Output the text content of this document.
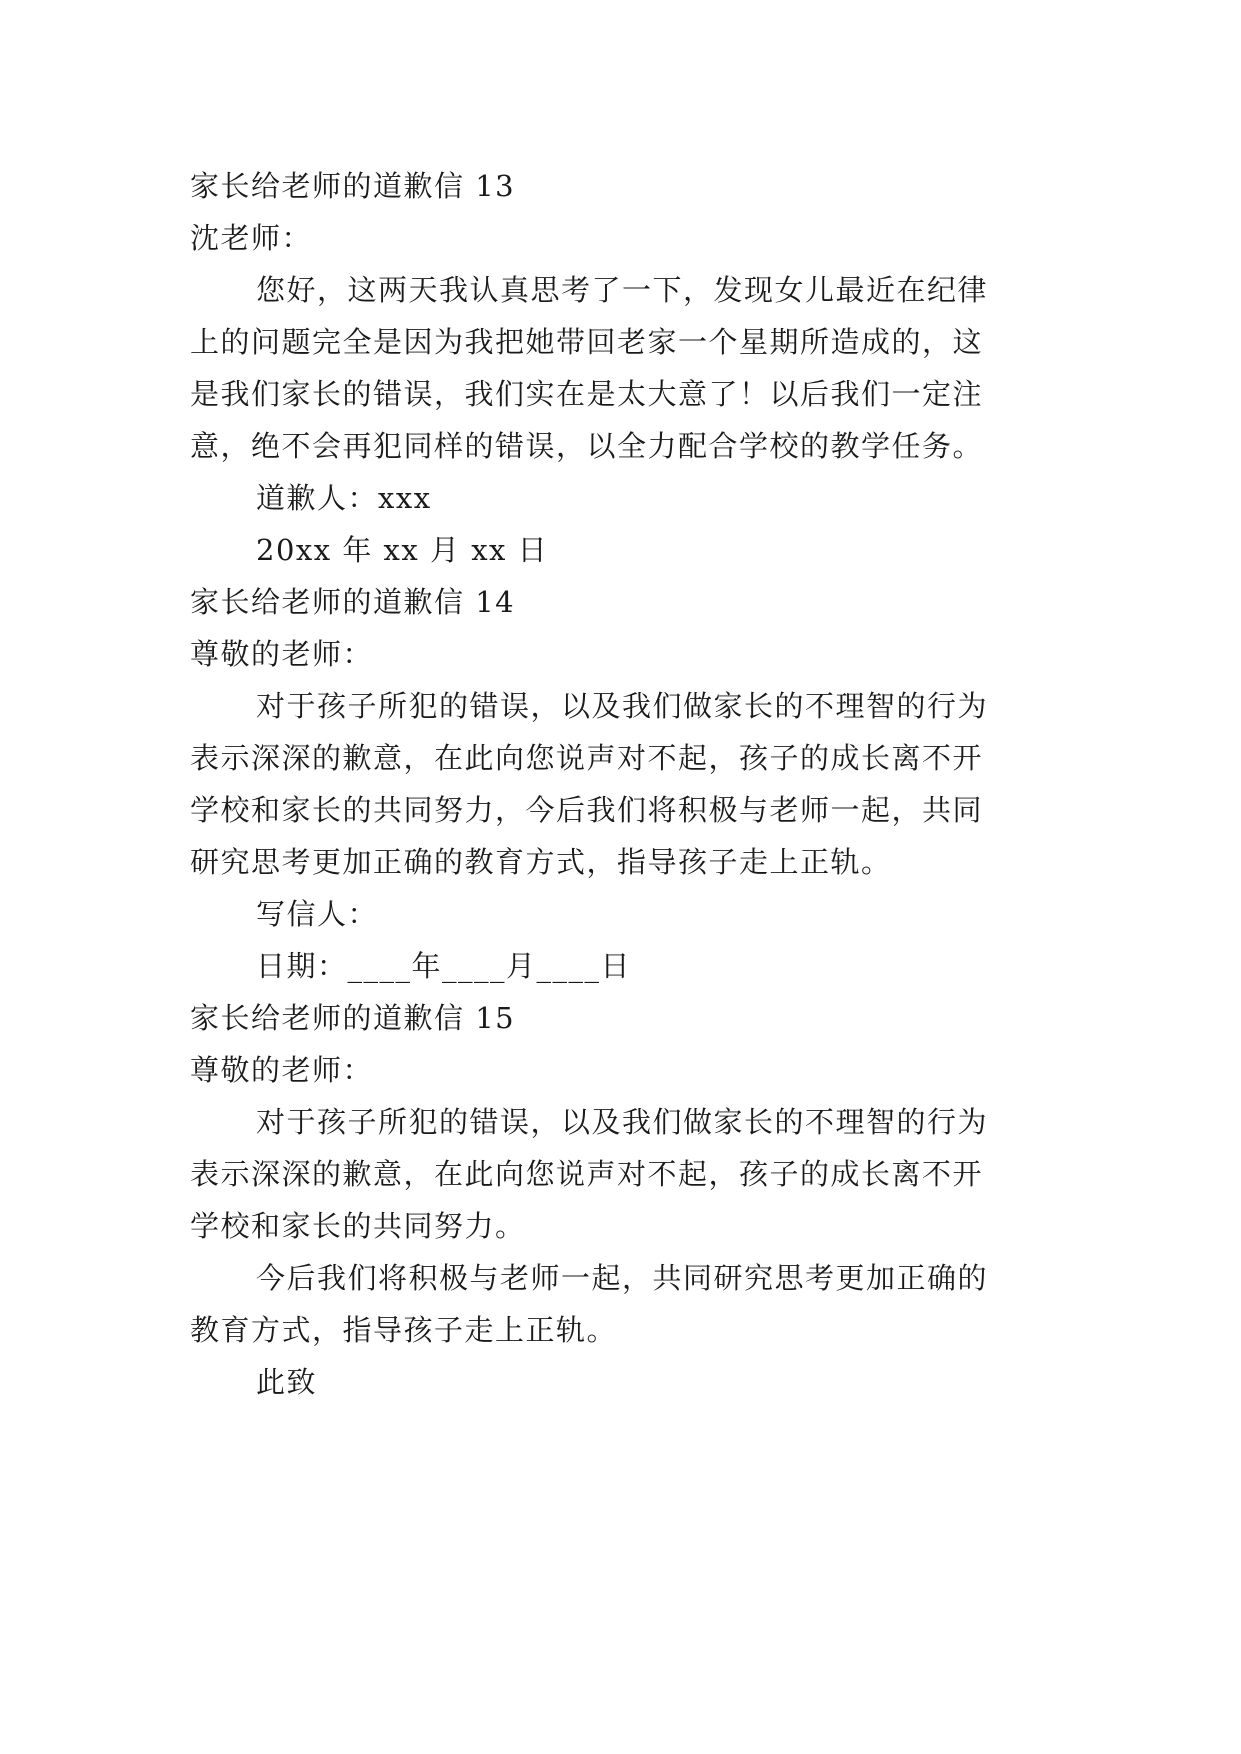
家长给老师的道歉信 13
沈老师：
您好，这两天我认真思考了一下，发现女儿最近在纪律
上的问题完全是因为我把她带回老家一个星期所造成的，这
是我们家长的错误，我们实在是太大意了！以后我们一定注
意，绝不会再犯同样的错误，以全力配合学校的教学任务。
道歉人：xxx
20xx 年 xx 月 xx 日
家长给老师的道歉信 14
尊敬的老师：
对于孩子所犯的错误，以及我们做家长的不理智的行为
表示深深的歉意，在此向您说声对不起，孩子的成长离不开
学校和家长的共同努力，今后我们将积极与老师一起，共同
研究思考更加正确的教育方式，指导孩子走上正轨。
写信人：
日期：____年____月____日
家长给老师的道歉信 15
尊敬的老师：
对于孩子所犯的错误，以及我们做家长的不理智的行为
表示深深的歉意，在此向您说声对不起，孩子的成长离不开
学校和家长的共同努力。
今后我们将积极与老师一起，共同研究思考更加正确的
教育方式，指导孩子走上正轨。
此致
